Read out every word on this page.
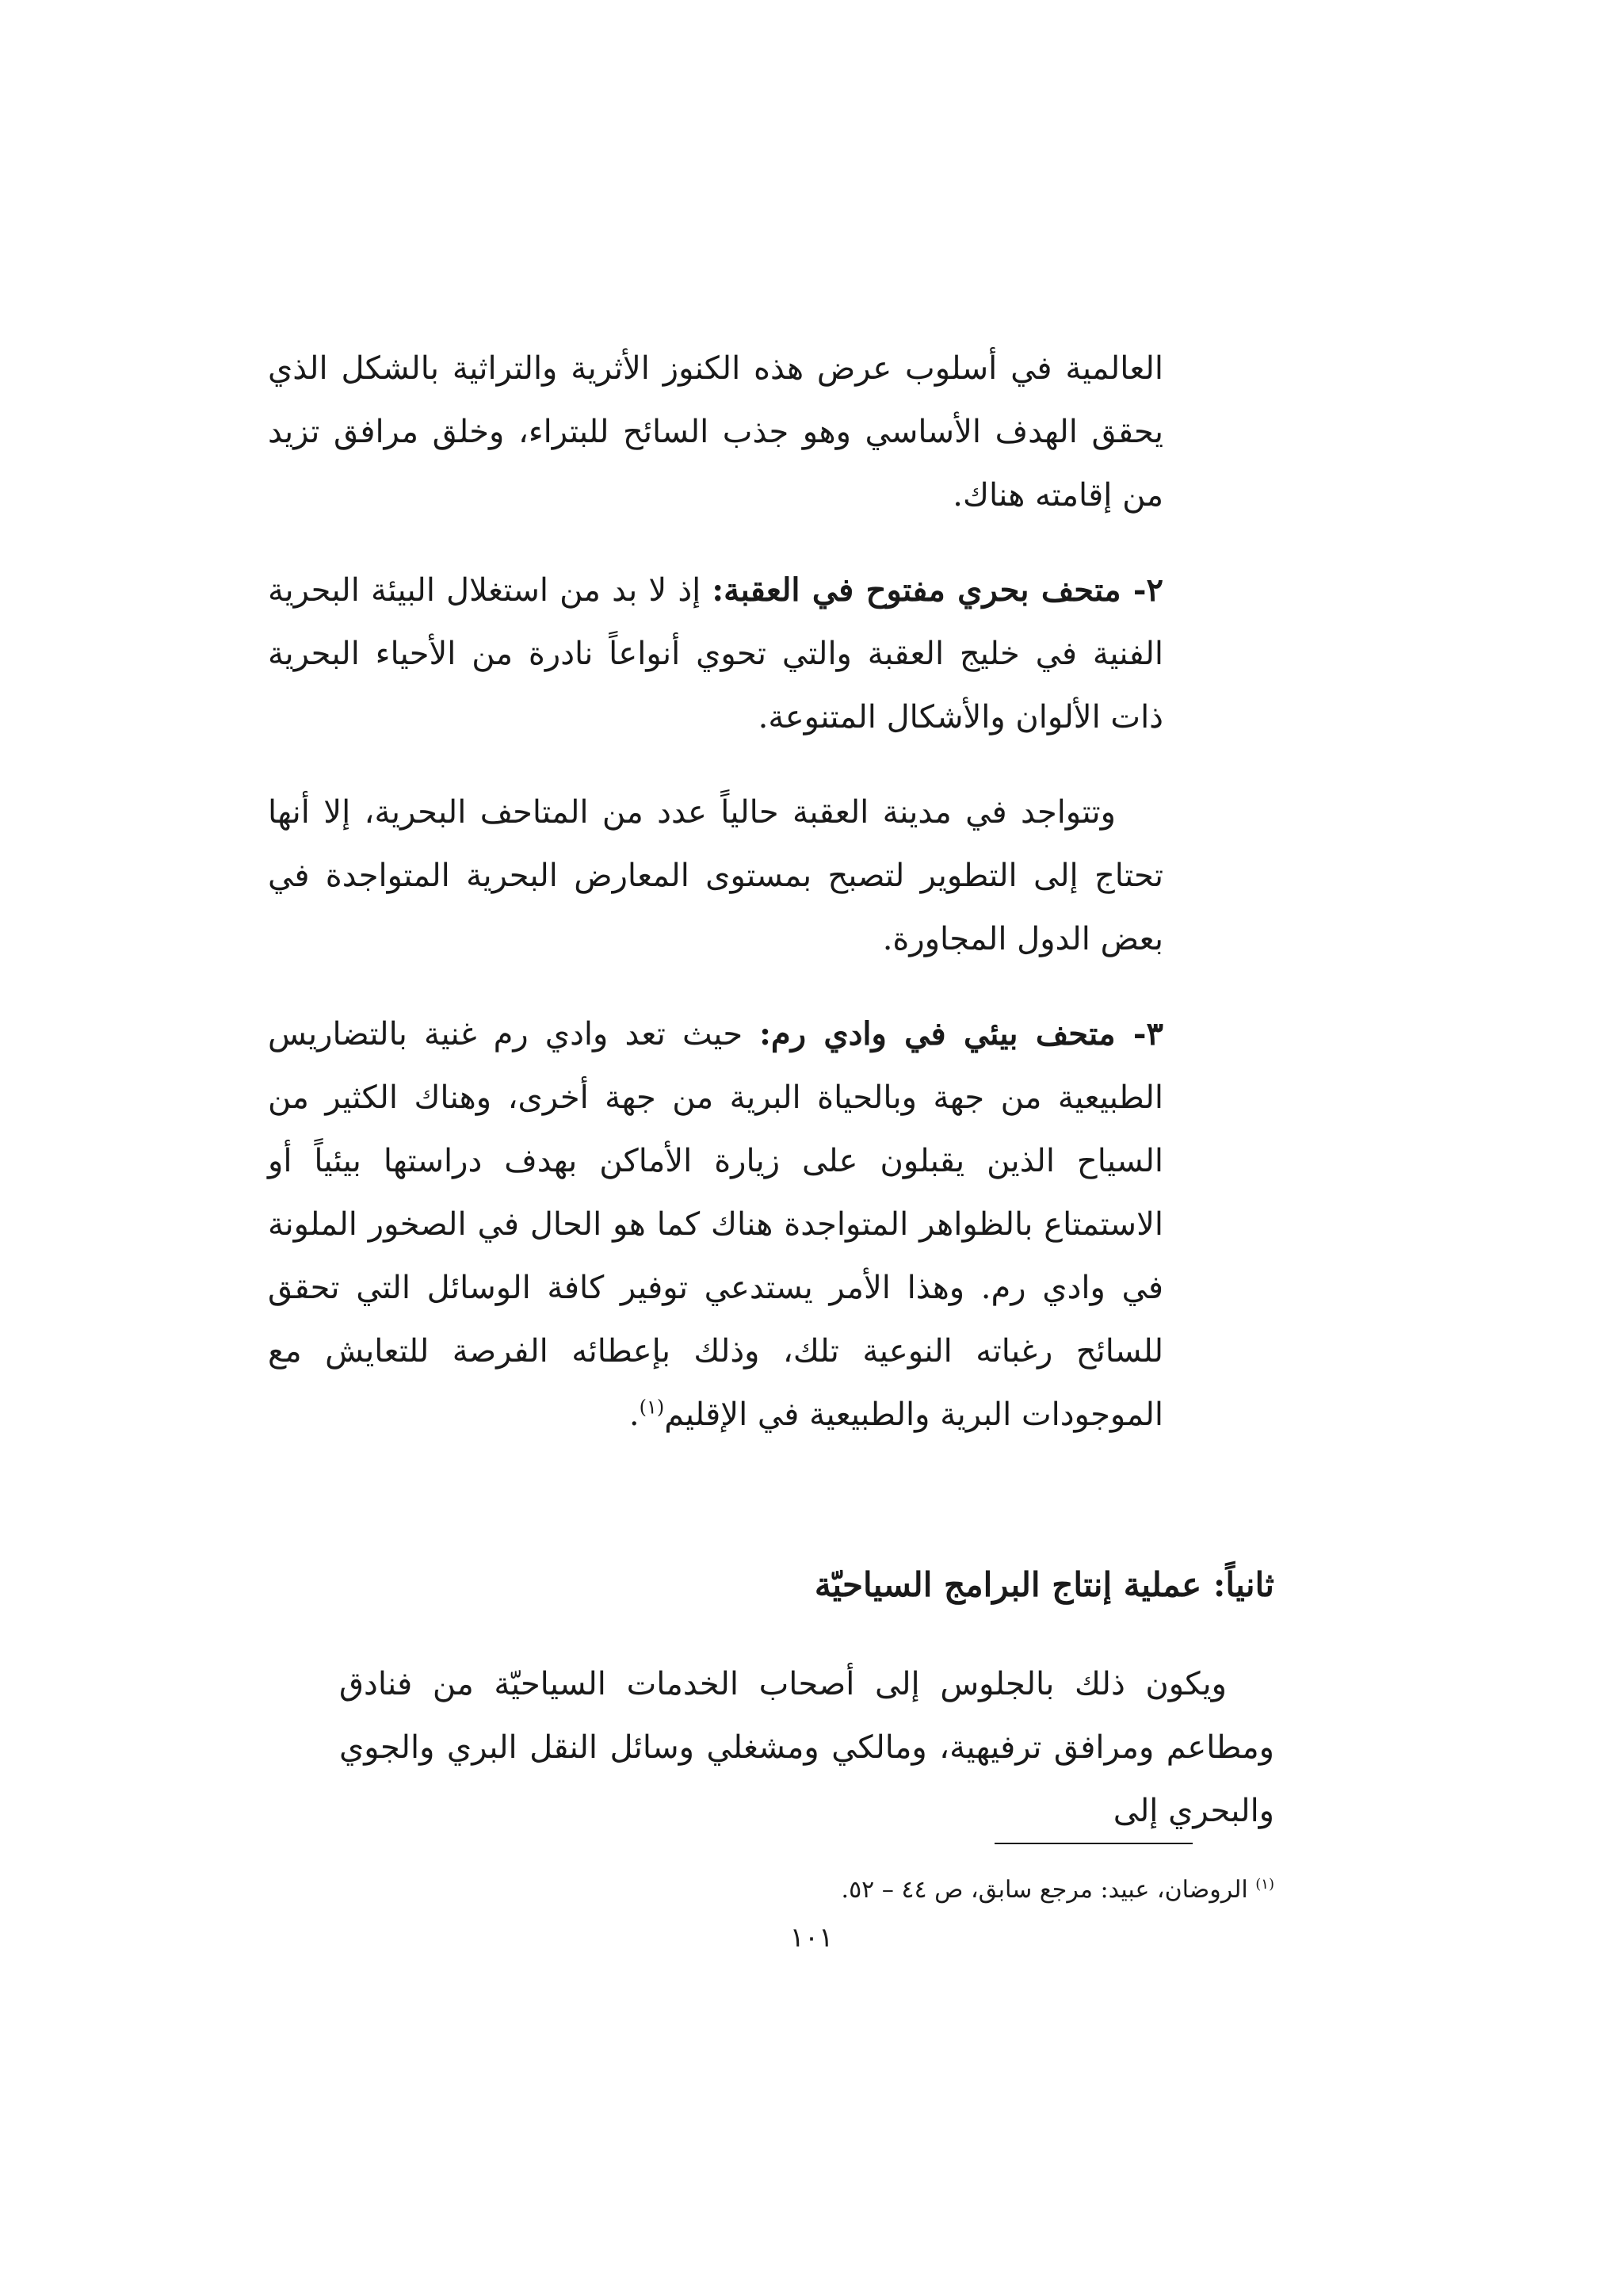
العالمية في أسلوب عرض هذه الكنوز الأثرية والتراثية بالشكل الذي يحقق الهدف الأساسي وهو جذب السائح للبتراء، وخلق مرافق تزيد من إقامته هناك.

٢- متحف بحري مفتوح في العقبة: إذ لا بد من استغلال البيئة البحرية الفنية في خليج العقبة والتي تحوي أنواعاً نادرة من الأحياء البحرية ذات الألوان والأشكال المتنوعة.

وتتواجد في مدينة العقبة حالياً عدد من المتاحف البحرية، إلا أنها تحتاج إلى التطوير لتصبح بمستوى المعارض البحرية المتواجدة في بعض الدول المجاورة.

٣- متحف بيئي في وادي رم: حيث تعد وادي رم غنية بالتضاريس الطبيعية من جهة وبالحياة البرية من جهة أخرى، وهناك الكثير من السياح الذين يقبلون على زيارة الأماكن بهدف دراستها بيئياً أو الاستمتاع بالظواهر المتواجدة هناك كما هو الحال في الصخور الملونة في وادي رم. وهذا الأمر يستدعي توفير كافة الوسائل التي تحقق للسائح رغباته النوعية تلك، وذلك بإعطائه الفرصة للتعايش مع الموجودات البرية والطبيعية في الإقليم$^{(١)}$.

ثانياً: عملية إنتاج البرامج السياحيّة

ويكون ذلك بالجلوس إلى أصحاب الخدمات السياحيّة من فنادق ومطاعم ومرافق ترفيهية، ومالكي ومشغلي وسائل النقل البري والجوي والبحري إلى

$^{(١)}$ الروضان، عبيد: مرجع سابق، ص ٤٤ – ٥٢.

١٠١
